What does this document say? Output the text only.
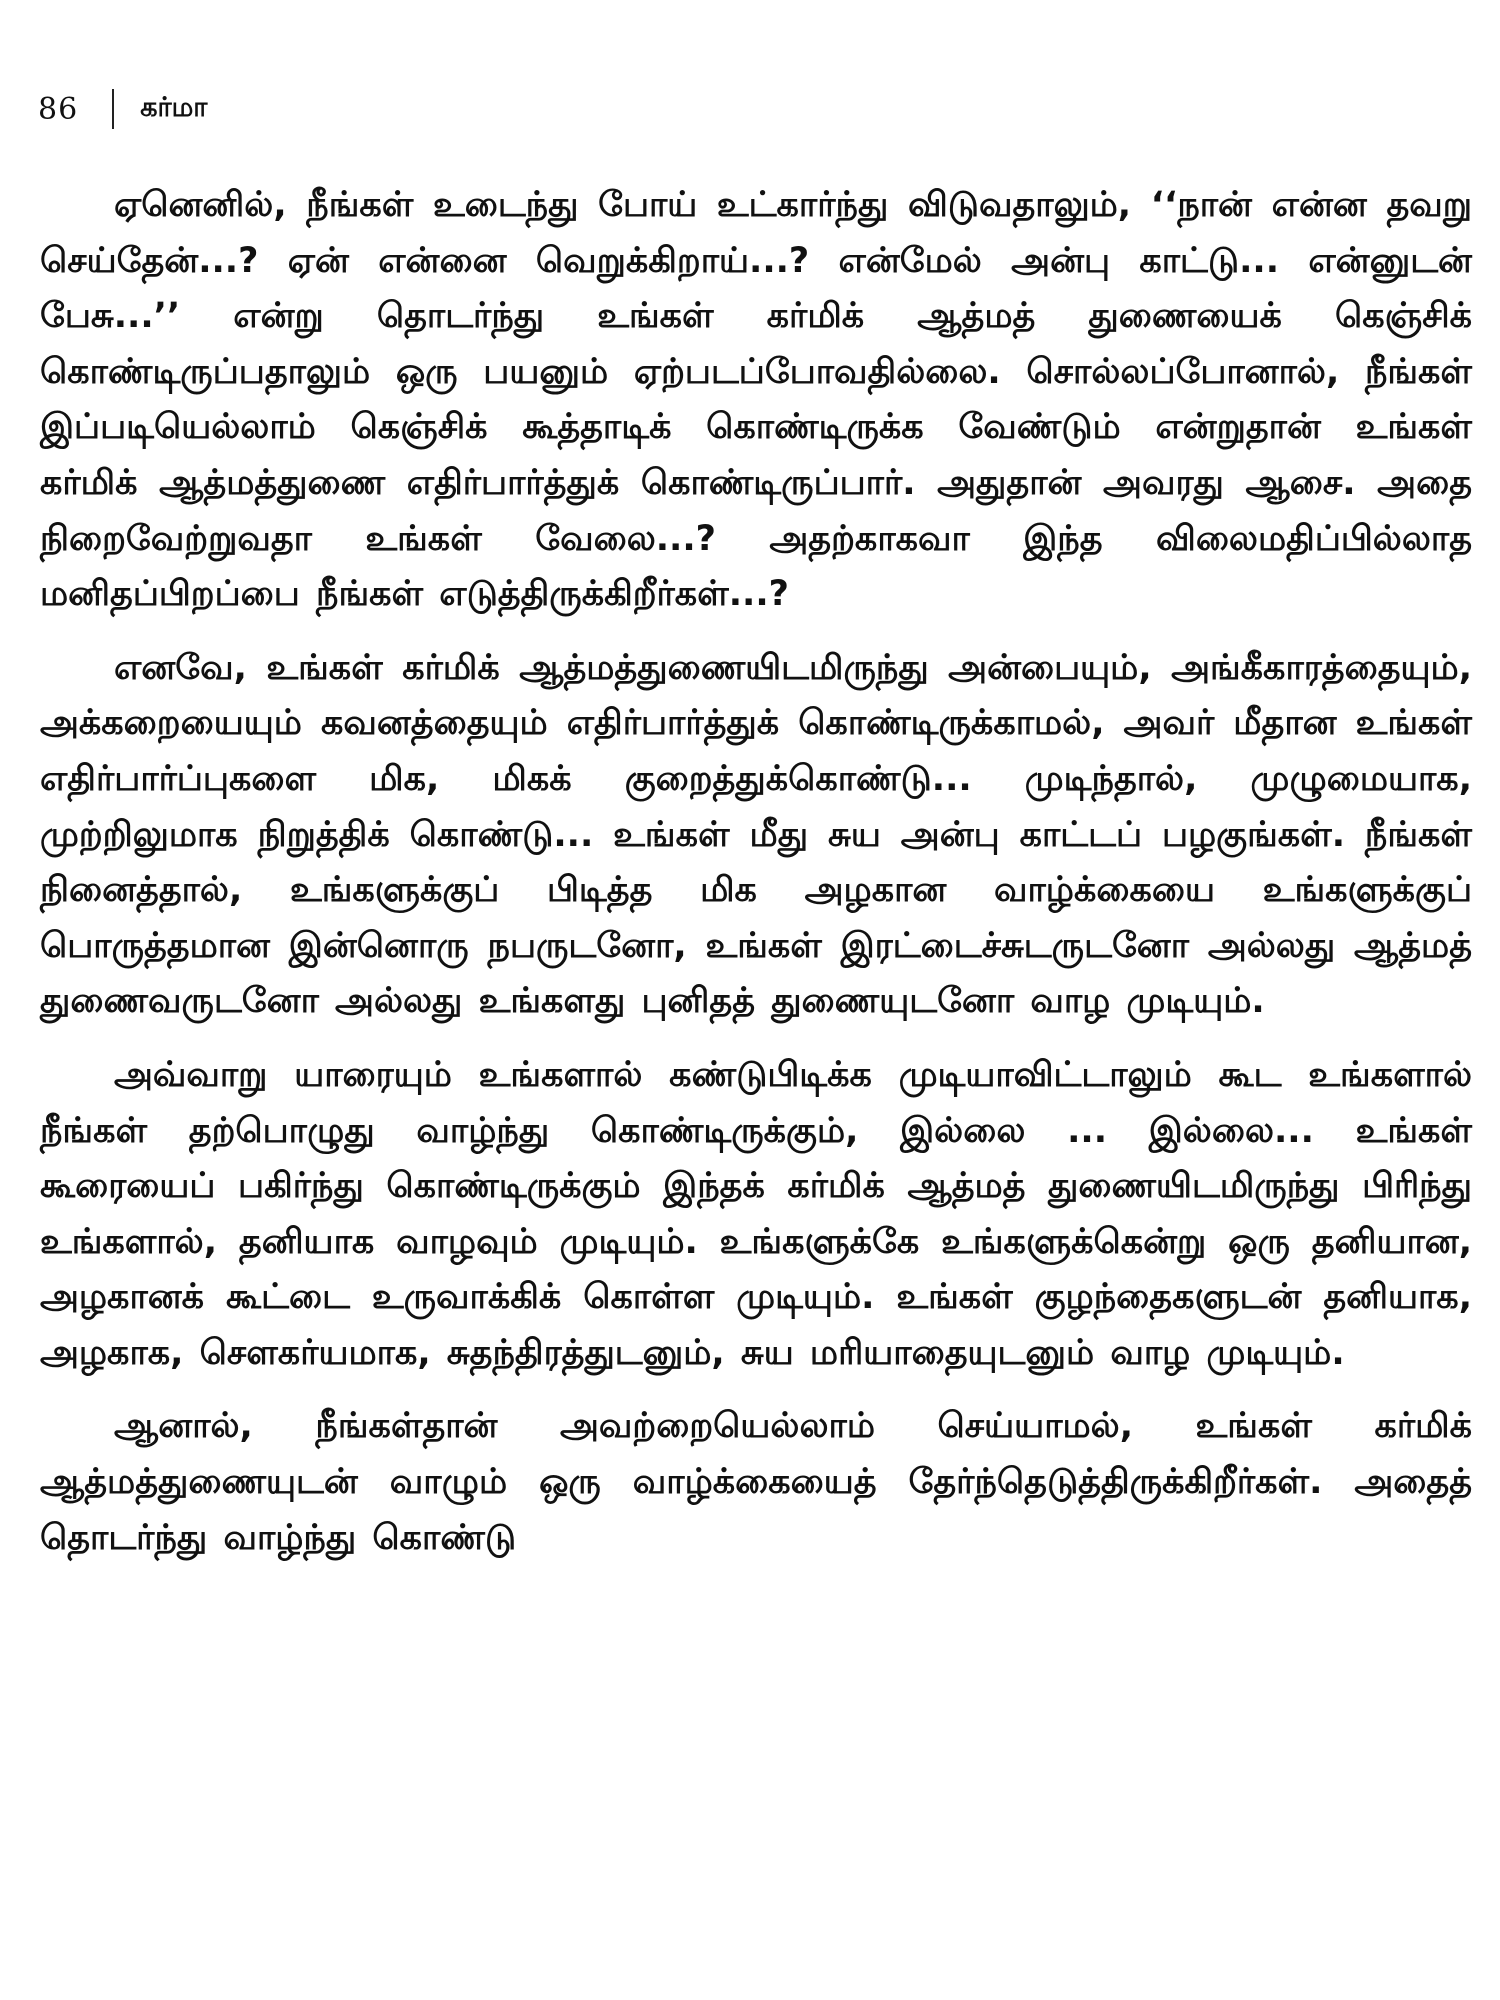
86 கர்மா

ஏனெனில், நீங்கள் உடைந்து போய் உட்கார்ந்து விடுவதாலும், ‘‘நான் என்ன தவறு செய்தேன்...? ஏன் என்னை வெறுக்கிறாய்...? என்மேல் அன்பு காட்டு... என்னுடன் பேசு...’’ என்று தொடர்ந்து உங்கள் கர்மிக் ஆத்மத் துணையைக் கெஞ்சிக் கொண்டிருப்பதாலும் ஒரு பயனும் ஏற்படப்போவதில்லை. சொல்லப்போனால், நீங்கள் இப்படியெல்லாம் கெஞ்சிக் கூத்தாடிக் கொண்டிருக்க வேண்டும் என்றுதான் உங்கள் கர்மிக் ஆத்மத்துணை எதிர்பார்த்துக் கொண்டிருப்பார். அதுதான் அவரது ஆசை. அதை நிறைவேற்றுவதா உங்கள் வேலை...? அதற்காகவா இந்த விலைமதிப்பில்லாத மனிதப்பிறப்பை நீங்கள் எடுத்திருக்கிறீர்கள்...?

எனவே, உங்கள் கர்மிக் ஆத்மத்துணையிடமிருந்து அன்பையும், அங்கீகாரத்தையும், அக்கறையையும் கவனத்தையும் எதிர்பார்த்துக் கொண்டிருக்காமல், அவர் மீதான உங்கள் எதிர்பார்ப்புகளை மிக, மிகக் குறைத்துக்கொண்டு... முடிந்தால், முழுமையாக, முற்றிலுமாக நிறுத்திக் கொண்டு... உங்கள் மீது சுய அன்பு காட்டப் பழகுங்கள். நீங்கள் நினைத்தால், உங்களுக்குப் பிடித்த மிக அழகான வாழ்க்கையை உங்களுக்குப் பொருத்தமான இன்னொரு நபருடனோ, உங்கள் இரட்டைச்சுடருடனோ அல்லது ஆத்மத் துணைவருடனோ அல்லது உங்களது புனிதத் துணையுடனோ வாழ முடியும்.

அவ்வாறு யாரையும் உங்களால் கண்டுபிடிக்க முடியாவிட்டாலும் கூட உங்களால் நீங்கள் தற்பொழுது வாழ்ந்து கொண்டிருக்கும், இல்லை ... இல்லை... உங்கள் கூரையைப் பகிர்ந்து கொண்டிருக்கும் இந்தக் கர்மிக் ஆத்மத் துணையிடமிருந்து பிரிந்து உங்களால், தனியாக வாழவும் முடியும். உங்களுக்கே உங்களுக்கென்று ஒரு தனியான, அழகானக் கூட்டை உருவாக்கிக் கொள்ள முடியும். உங்கள் குழந்தைகளுடன் தனியாக, அழகாக, சௌகர்யமாக, சுதந்திரத்துடனும், சுய மரியாதையுடனும் வாழ முடியும்.

ஆனால், நீங்கள்தான் அவற்றையெல்லாம் செய்யாமல், உங்கள் கர்மிக் ஆத்மத்துணையுடன் வாழும் ஒரு வாழ்க்கையைத் தேர்ந்தெடுத்திருக்கிறீர்கள். அதைத் தொடர்ந்து வாழ்ந்து கொண்டு
